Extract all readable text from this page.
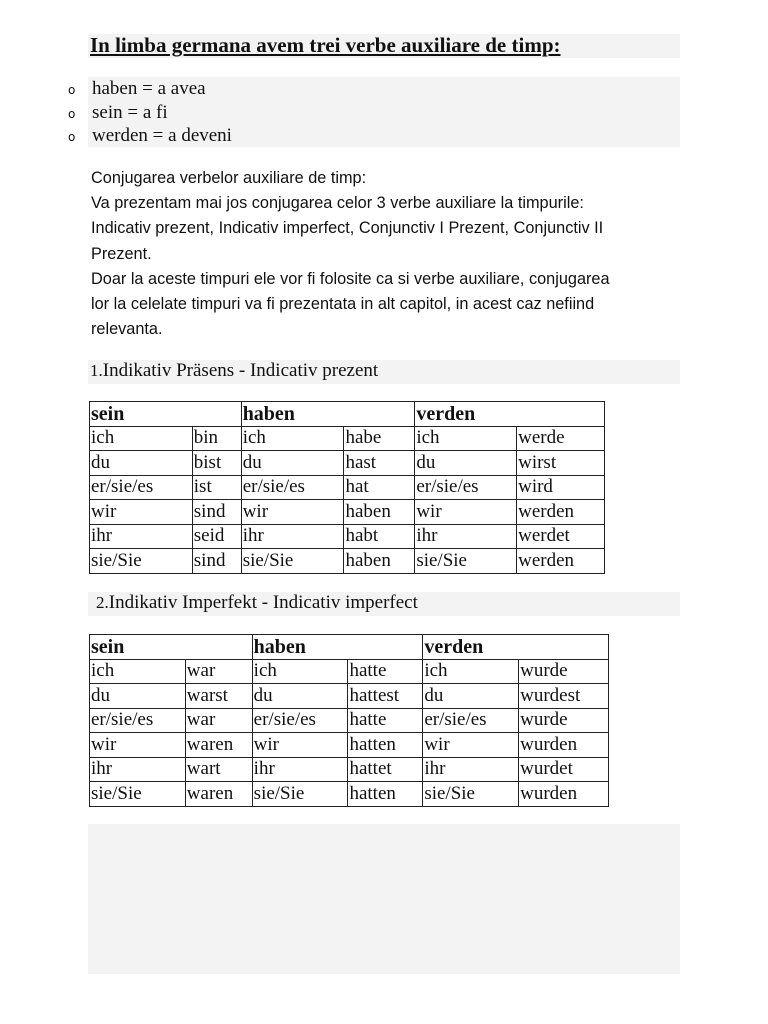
In limba germana avem trei verbe auxiliare de timp:
o haben = a avea
o sein = a fi
o werden = a deveni
Conjugarea verbelor auxiliare de timp:
Va prezentam mai jos conjugarea celor 3 verbe auxiliare la timpurile:
Indicativ prezent, Indicativ imperfect, Conjunctiv I Prezent, Conjunctiv II
Prezent.
Doar la aceste timpuri ele vor fi folosite ca si verbe auxiliare, conjugarea
lor la celelate timpuri va fi prezentata in alt capitol, in acest caz nefiind
relevanta.
1.Indikativ Präsens - Indicativ prezent
sein		haben		verden	
ich	bin	ich	habe	ich	werde
du	bist	du	hast	du	wirst
er/sie/es	ist	er/sie/es	hat	er/sie/es	wird
wir	sind	wir	haben	wir	werden
ihr	seid	ihr	habt	ihr	werdet
sie/Sie	sind	sie/Sie	haben	sie/Sie	werden
2.Indikativ Imperfekt - Indicativ imperfect
sein		haben		verden	
ich	war	ich	hatte	ich	wurde
du	warst	du	hattest	du	wurdest
er/sie/es	war	er/sie/es	hatte	er/sie/es	wurde
wir	waren	wir	hatten	wir	wurden
ihr	wart	ihr	hattet	ihr	wurdet
sie/Sie	waren	sie/Sie	hatten	sie/Sie	wurden
